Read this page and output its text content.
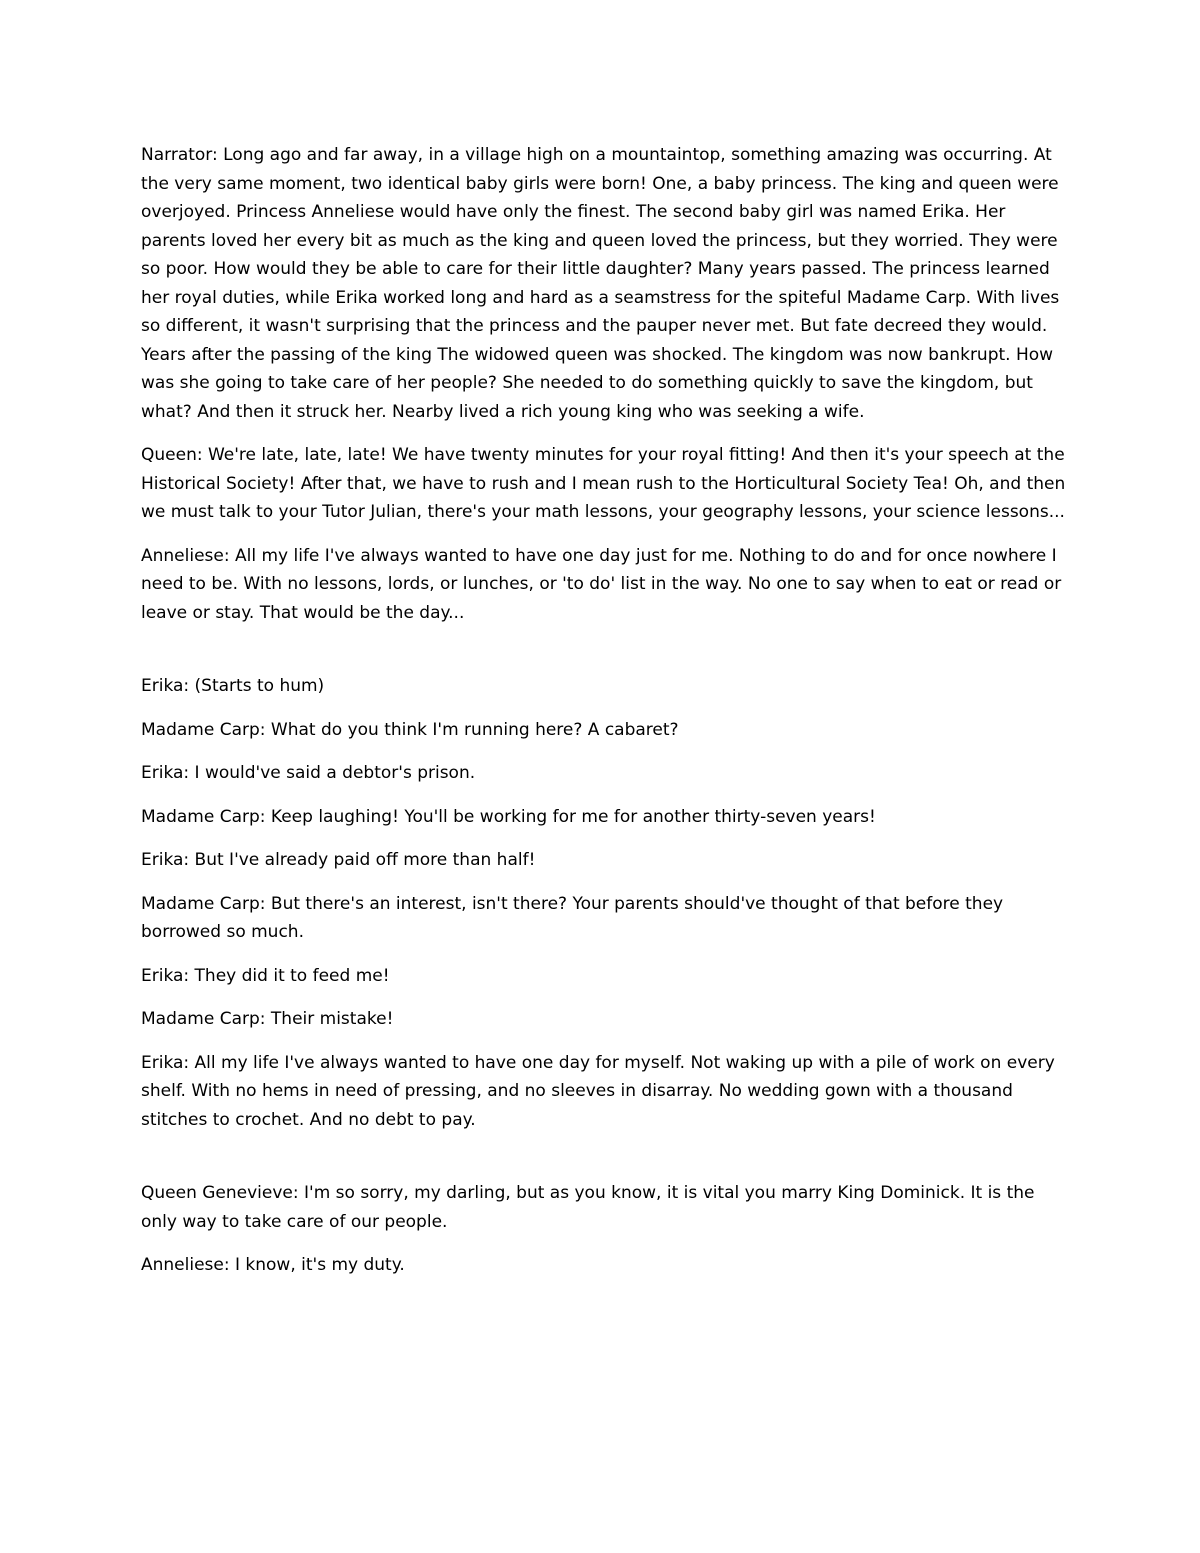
Narrator: Long ago and far away, in a village high on a mountaintop, something amazing was occurring. At the very same moment, two identical baby girls were born! One, a baby princess. The king and queen were overjoyed. Princess Anneliese would have only the finest. The second baby girl was named Erika. Her parents loved her every bit as much as the king and queen loved the princess, but they worried. They were so poor. How would they be able to care for their little daughter? Many years passed. The princess learned her royal duties, while Erika worked long and hard as a seamstress for the spiteful Madame Carp. With lives so different, it wasn't surprising that the princess and the pauper never met. But fate decreed they would. Years after the passing of the king The widowed queen was shocked. The kingdom was now bankrupt. How was she going to take care of her people? She needed to do something quickly to save the kingdom, but what? And then it struck her. Nearby lived a rich young king who was seeking a wife.

Queen: We're late, late, late! We have twenty minutes for your royal fitting! And then it's your speech at the Historical Society! After that, we have to rush and I mean rush to the Horticultural Society Tea! Oh, and then we must talk to your Tutor Julian, there's your math lessons, your geography lessons, your science lessons...

Anneliese: All my life I've always wanted to have one day just for me. Nothing to do and for once nowhere I need to be. With no lessons, lords, or lunches, or 'to do' list in the way. No one to say when to eat or read or leave or stay. That would be the day...

Erika: (Starts to hum)

Madame Carp: What do you think I'm running here? A cabaret?

Erika: I would've said a debtor's prison.

Madame Carp: Keep laughing! You'll be working for me for another thirty-seven years!

Erika: But I've already paid off more than half!

Madame Carp: But there's an interest, isn't there? Your parents should've thought of that before they borrowed so much.

Erika: They did it to feed me!

Madame Carp: Their mistake!

Erika: All my life I've always wanted to have one day for myself. Not waking up with a pile of work on every shelf. With no hems in need of pressing, and no sleeves in disarray. No wedding gown with a thousand stitches to crochet. And no debt to pay.

Queen Genevieve: I'm so sorry, my darling, but as you know, it is vital you marry King Dominick. It is the only way to take care of our people.

Anneliese: I know, it's my duty.
